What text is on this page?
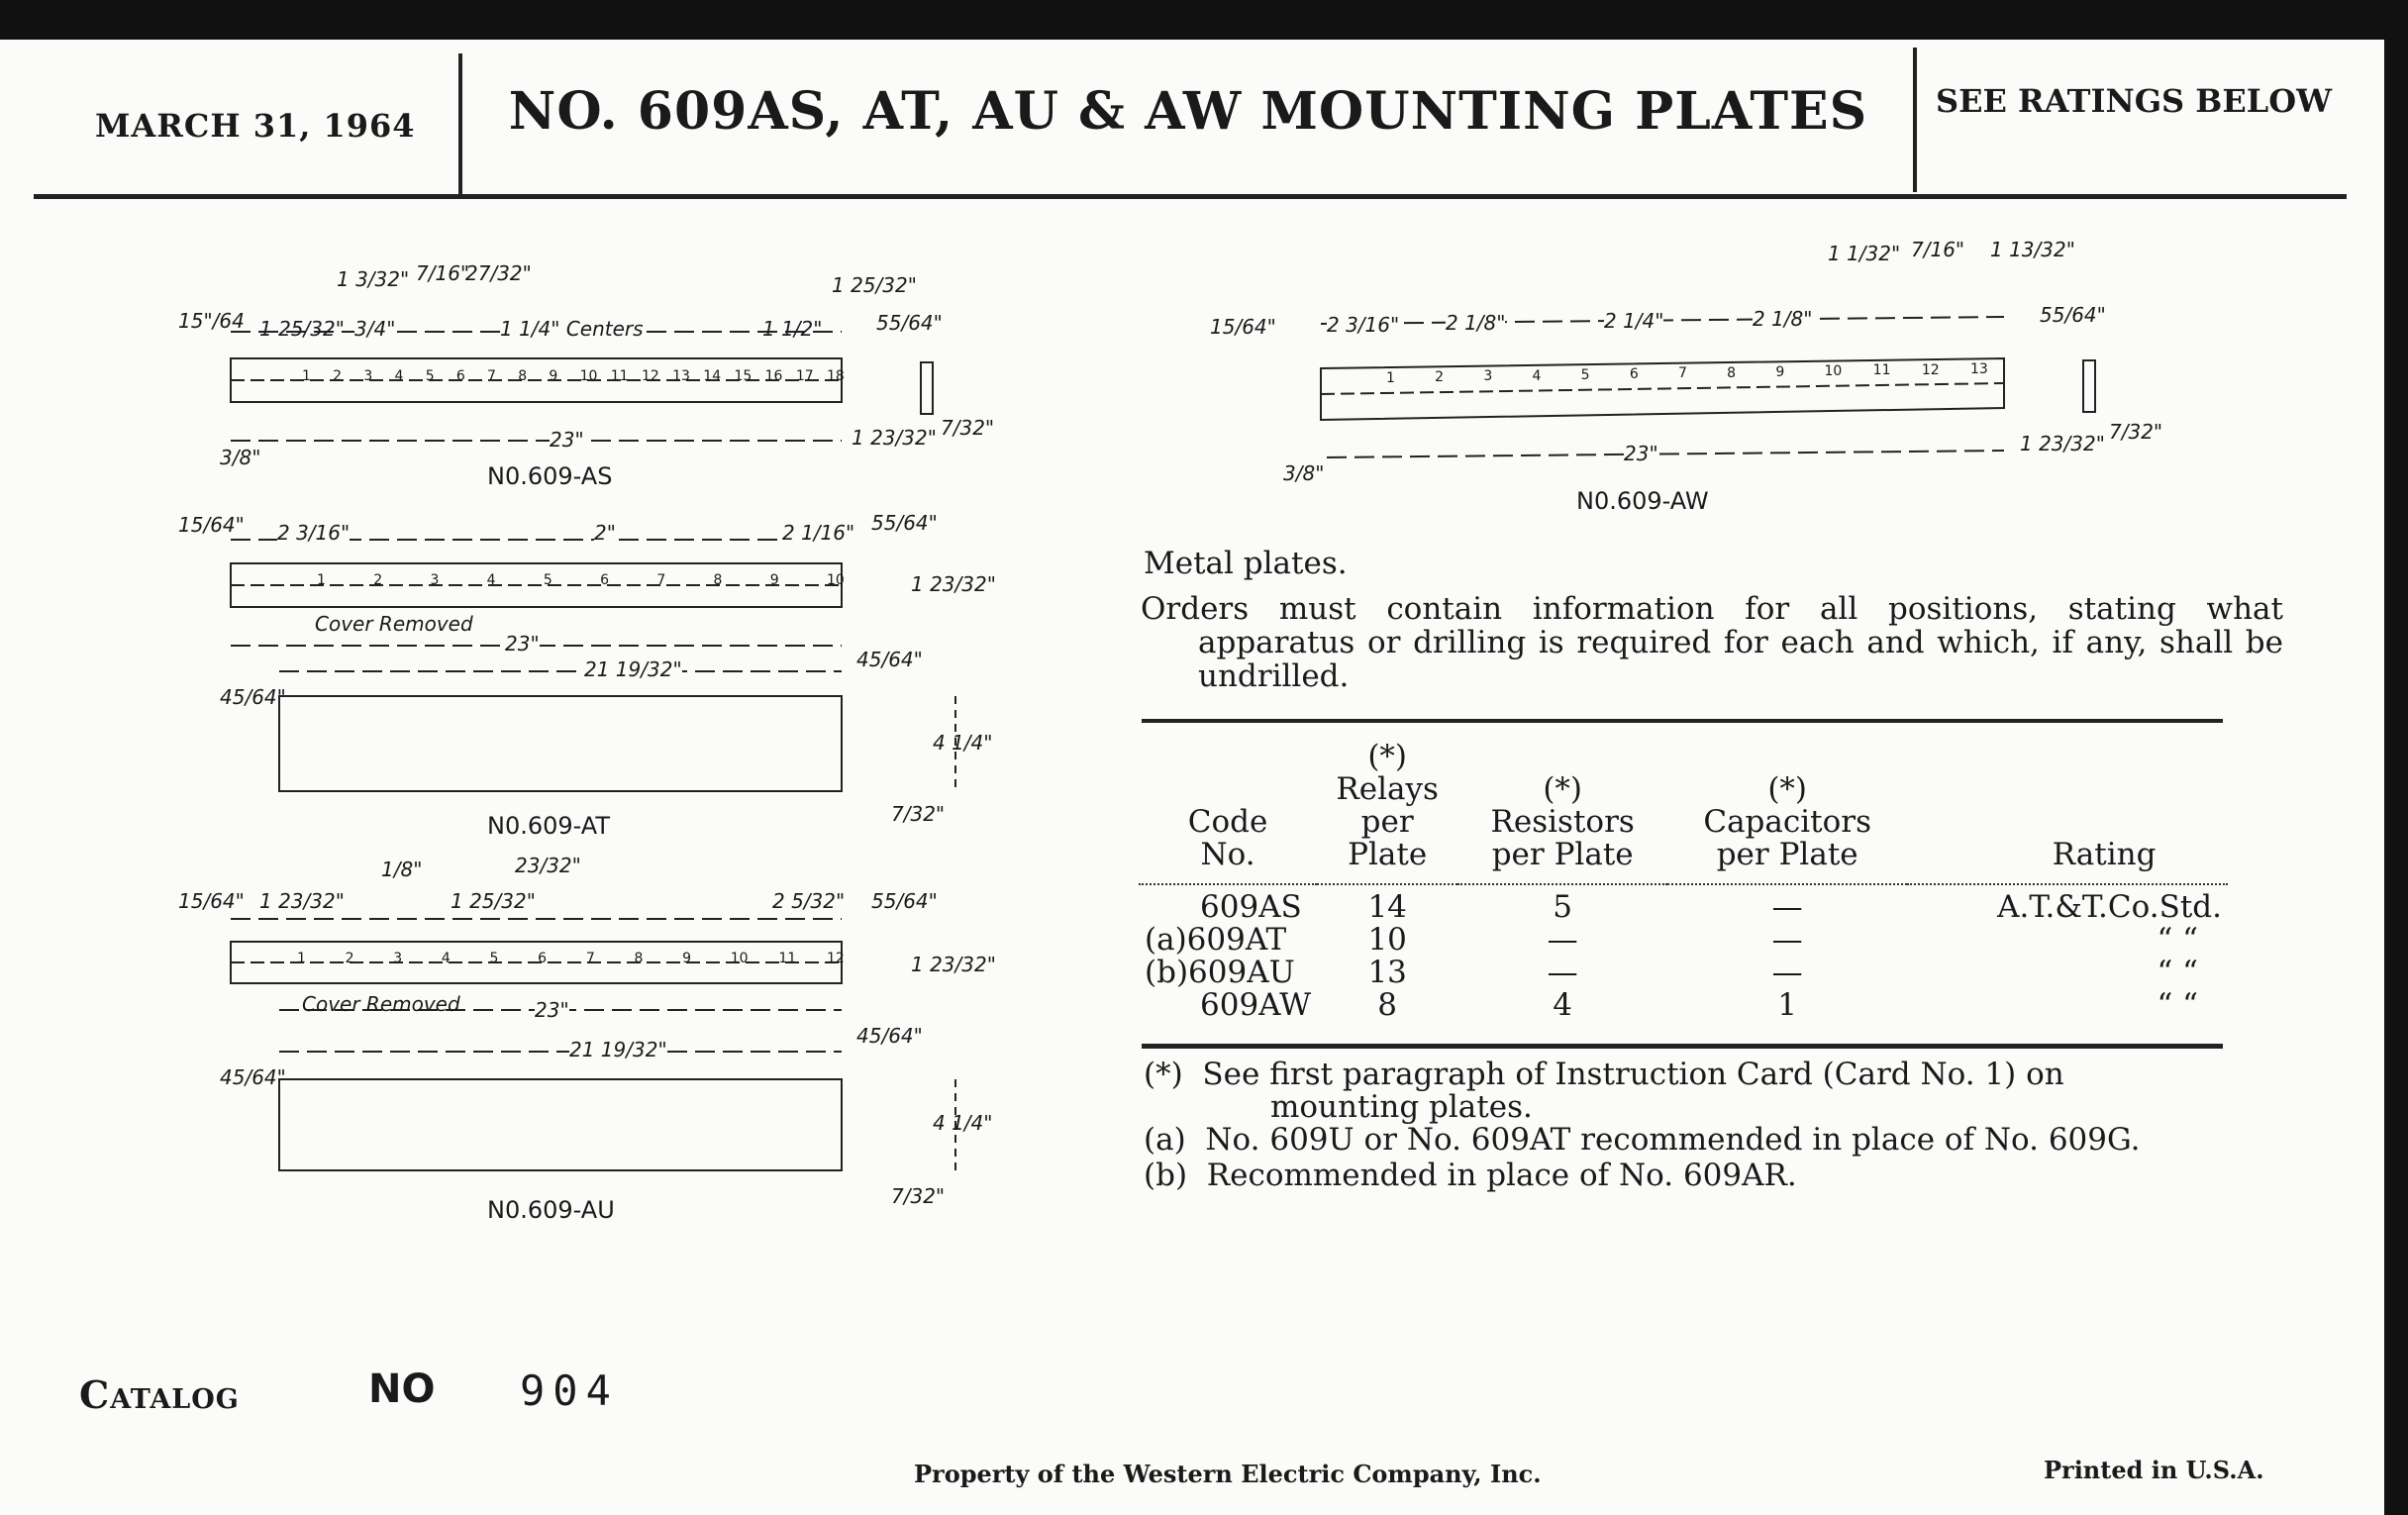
MARCH 31, 1964	NO. 609AS, AT, AU & AW MOUNTING PLATES	SEE RATINGS BELOW
1 2 3 4 5 6 7 8 9 10 11 12 13 14 15 16 17 18
1	2	3	4	5	6	7	8	9	10
1	2	3	4	5	6	7	8	9	10 11 12
1	2	3	4	5	6	7	8	9	10 11 12 13
15"/64 1 25/32" 3/4"
1 3/32" 7/16"
27/32"
1 1/4" Centers	1 1/2"
1 25/32"
55/64"
23"
3/8"
1 23/32" 7/32"
N0.609-AS
15/64" 2 3/16"	2"	2 1/16" 55/64"
1 23/32"
Cover Removed
23"
21 19/32"	45/64"
45/64"
4 1/4"
7/32"
N0.609-AT
15/64" 1 23/32"
1/8"
1 25/32"
23/32"
2 5/32" 55/64"
1 23/32"
Cover Removed	23"
21 19/32"
45/64"
45/64"
4 1/4"
7/32"
N0.609-AU
15/64"	2 3/16" 2 1/8"	2 1/4"	2 1/8"
1 1/32" 7/16" 1 13/32"
55/64"
23"
3/8"
1 23/32" 7/32"
N0.609-AW
Metal plates.
Orders must contain information for all positions, stating what apparatus or drilling is required for each and which, if any, shall be undrilled.
Code
No.	(*)
Relays
per
Plate	(*)
Resistors
per Plate	(*)
Capacitors
per Plate	Rating

609AS	14	5	—	A.T.&T.Co.Std.
(a)609AT	10	—	—	“ “
(b)609AU	13	—	—	“ “
609AW	8	4	1	“ “
(*) See first paragraph of Instruction Card (Card No. 1) on
mounting plates.
(a) No. 609U or No. 609AT recommended in place of No. 609G.
(b) Recommended in place of No. 609AR.
Catalog	NO 904
Property of the Western Electric Company, Inc.	Printed in U.S.A.
